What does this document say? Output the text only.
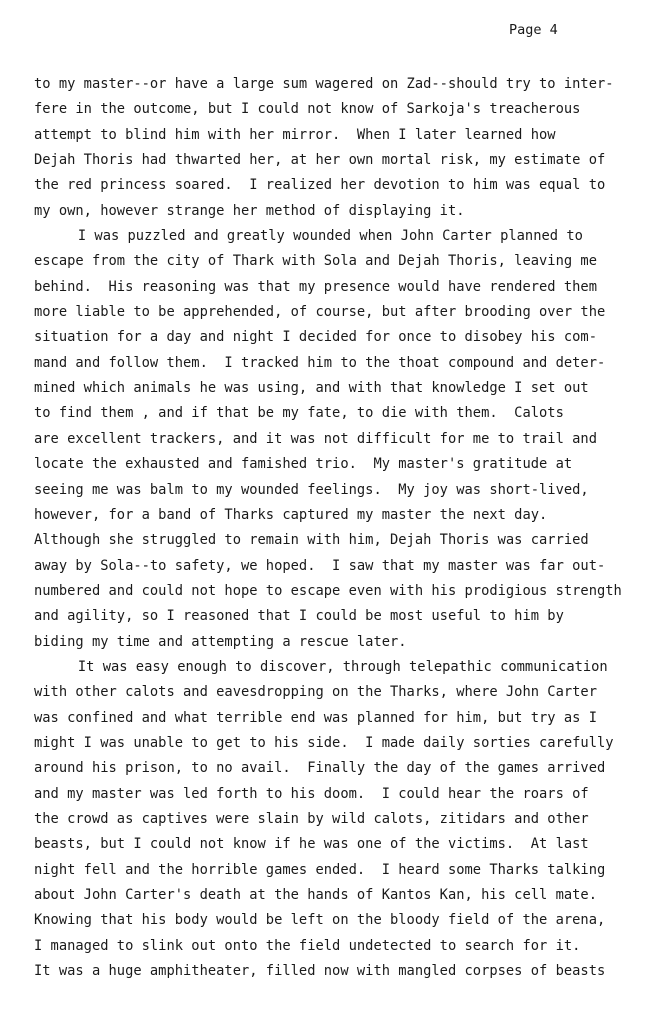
Page 4
to my master--or have a large sum wagered on Zad--should try to inter-
fere in the outcome, but I could not know of Sarkoja's treacherous
attempt to blind him with her mirror.  When I later learned how
Dejah Thoris had thwarted her, at her own mortal risk, my estimate of
the red princess soared.  I realized her devotion to him was equal to
my own, however strange her method of displaying it.
I was puzzled and greatly wounded when John Carter planned to
escape from the city of Thark with Sola and Dejah Thoris, leaving me
behind.  His reasoning was that my presence would have rendered them
more liable to be apprehended, of course, but after brooding over the
situation for a day and night I decided for once to disobey his com-
mand and follow them.  I tracked him to the thoat compound and deter-
mined which animals he was using, and with that knowledge I set out
to find them , and if that be my fate, to die with them.  Calots
are excellent trackers, and it was not difficult for me to trail and
locate the exhausted and famished trio.  My master's gratitude at
seeing me was balm to my wounded feelings.  My joy was short-lived,
however, for a band of Tharks captured my master the next day.
Although she struggled to remain with him, Dejah Thoris was carried
away by Sola--to safety, we hoped.  I saw that my master was far out-
numbered and could not hope to escape even with his prodigious strength
and agility, so I reasoned that I could be most useful to him by
biding my time and attempting a rescue later.
It was easy enough to discover, through telepathic communication
with other calots and eavesdropping on the Tharks, where John Carter
was confined and what terrible end was planned for him, but try as I
might I was unable to get to his side.  I made daily sorties carefully
around his prison, to no avail.  Finally the day of the games arrived
and my master was led forth to his doom.  I could hear the roars of
the crowd as captives were slain by wild calots, zitidars and other
beasts, but I could not know if he was one of the victims.  At last
night fell and the horrible games ended.  I heard some Tharks talking
about John Carter's death at the hands of Kantos Kan, his cell mate.
Knowing that his body would be left on the bloody field of the arena,
I managed to slink out onto the field undetected to search for it.
It was a huge amphitheater, filled now with mangled corpses of beasts
